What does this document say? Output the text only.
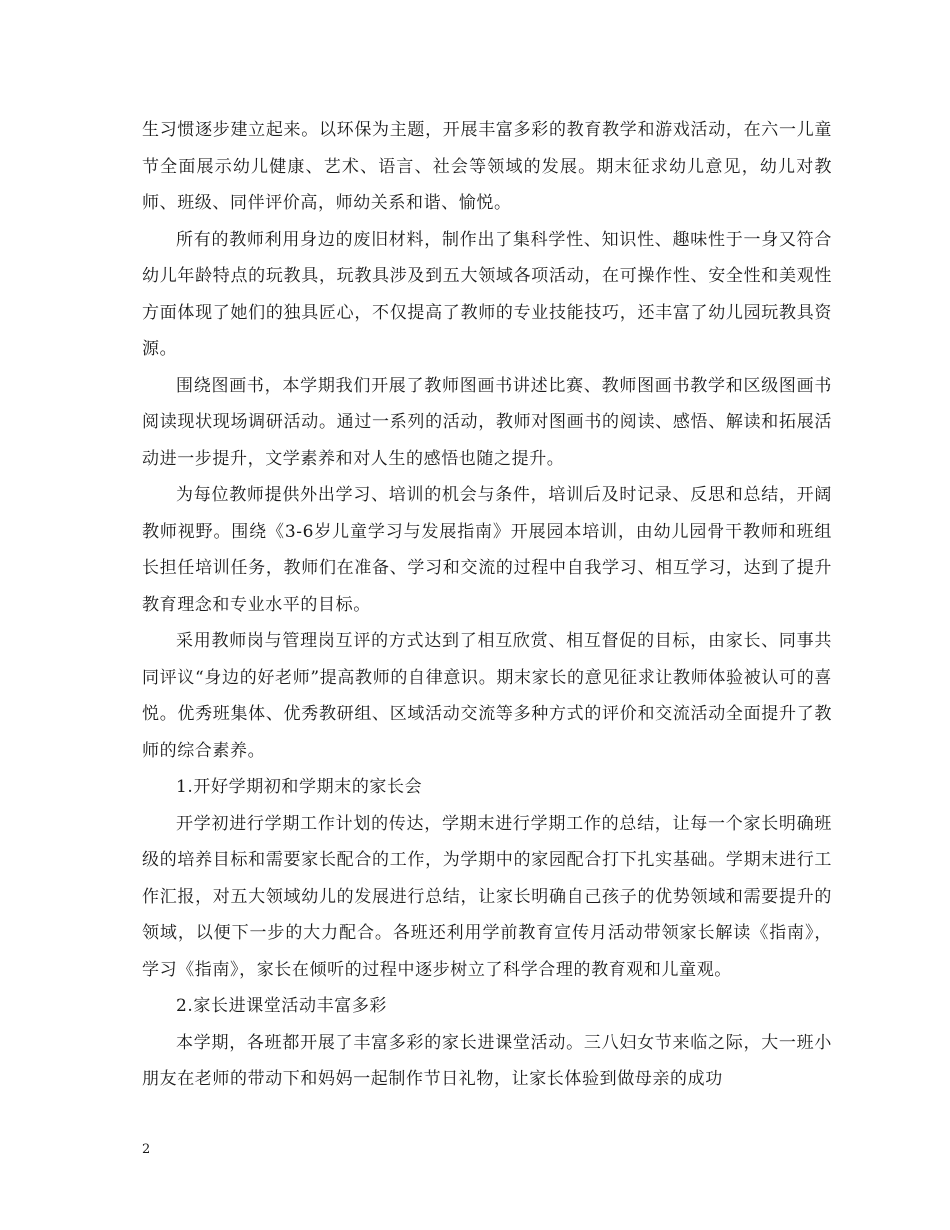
生习惯逐步建立起来。以环保为主题，开展丰富多彩的教育教学和游戏活动，在六一儿童节全面展示幼儿健康、艺术、语言、社会等领域的发展。期末征求幼儿意见，幼儿对教师、班级、同伴评价高，师幼关系和谐、愉悦。

所有的教师利用身边的废旧材料，制作出了集科学性、知识性、趣味性于一身又符合幼儿年龄特点的玩教具，玩教具涉及到五大领域各项活动，在可操作性、安全性和美观性方面体现了她们的独具匠心，不仅提高了教师的专业技能技巧，还丰富了幼儿园玩教具资源。

围绕图画书，本学期我们开展了教师图画书讲述比赛、教师图画书教学和区级图画书阅读现状现场调研活动。通过一系列的活动，教师对图画书的阅读、感悟、解读和拓展活动进一步提升，文学素养和对人生的感悟也随之提升。

为每位教师提供外出学习、培训的机会与条件，培训后及时记录、反思和总结，开阔教师视野。围绕《3-6岁儿童学习与发展指南》开展园本培训，由幼儿园骨干教师和班组长担任培训任务，教师们在准备、学习和交流的过程中自我学习、相互学习，达到了提升教育理念和专业水平的目标。

采用教师岗与管理岗互评的方式达到了相互欣赏、相互督促的目标，由家长、同事共同评议“身边的好老师”提高教师的自律意识。期末家长的意见征求让教师体验被认可的喜悦。优秀班集体、优秀教研组、区域活动交流等多种方式的评价和交流活动全面提升了教师的综合素养。

1.开好学期初和学期末的家长会

开学初进行学期工作计划的传达，学期末进行学期工作的总结，让每一个家长明确班级的培养目标和需要家长配合的工作，为学期中的家园配合打下扎实基础。学期末进行工作汇报，对五大领域幼儿的发展进行总结，让家长明确自己孩子的优势领域和需要提升的领域，以便下一步的大力配合。各班还利用学前教育宣传月活动带领家长解读《指南》，学习《指南》，家长在倾听的过程中逐步树立了科学合理的教育观和儿童观。

2.家长进课堂活动丰富多彩

本学期，各班都开展了丰富多彩的家长进课堂活动。三八妇女节来临之际，大一班小朋友在老师的带动下和妈妈一起制作节日礼物，让家长体验到做母亲的成功

2
